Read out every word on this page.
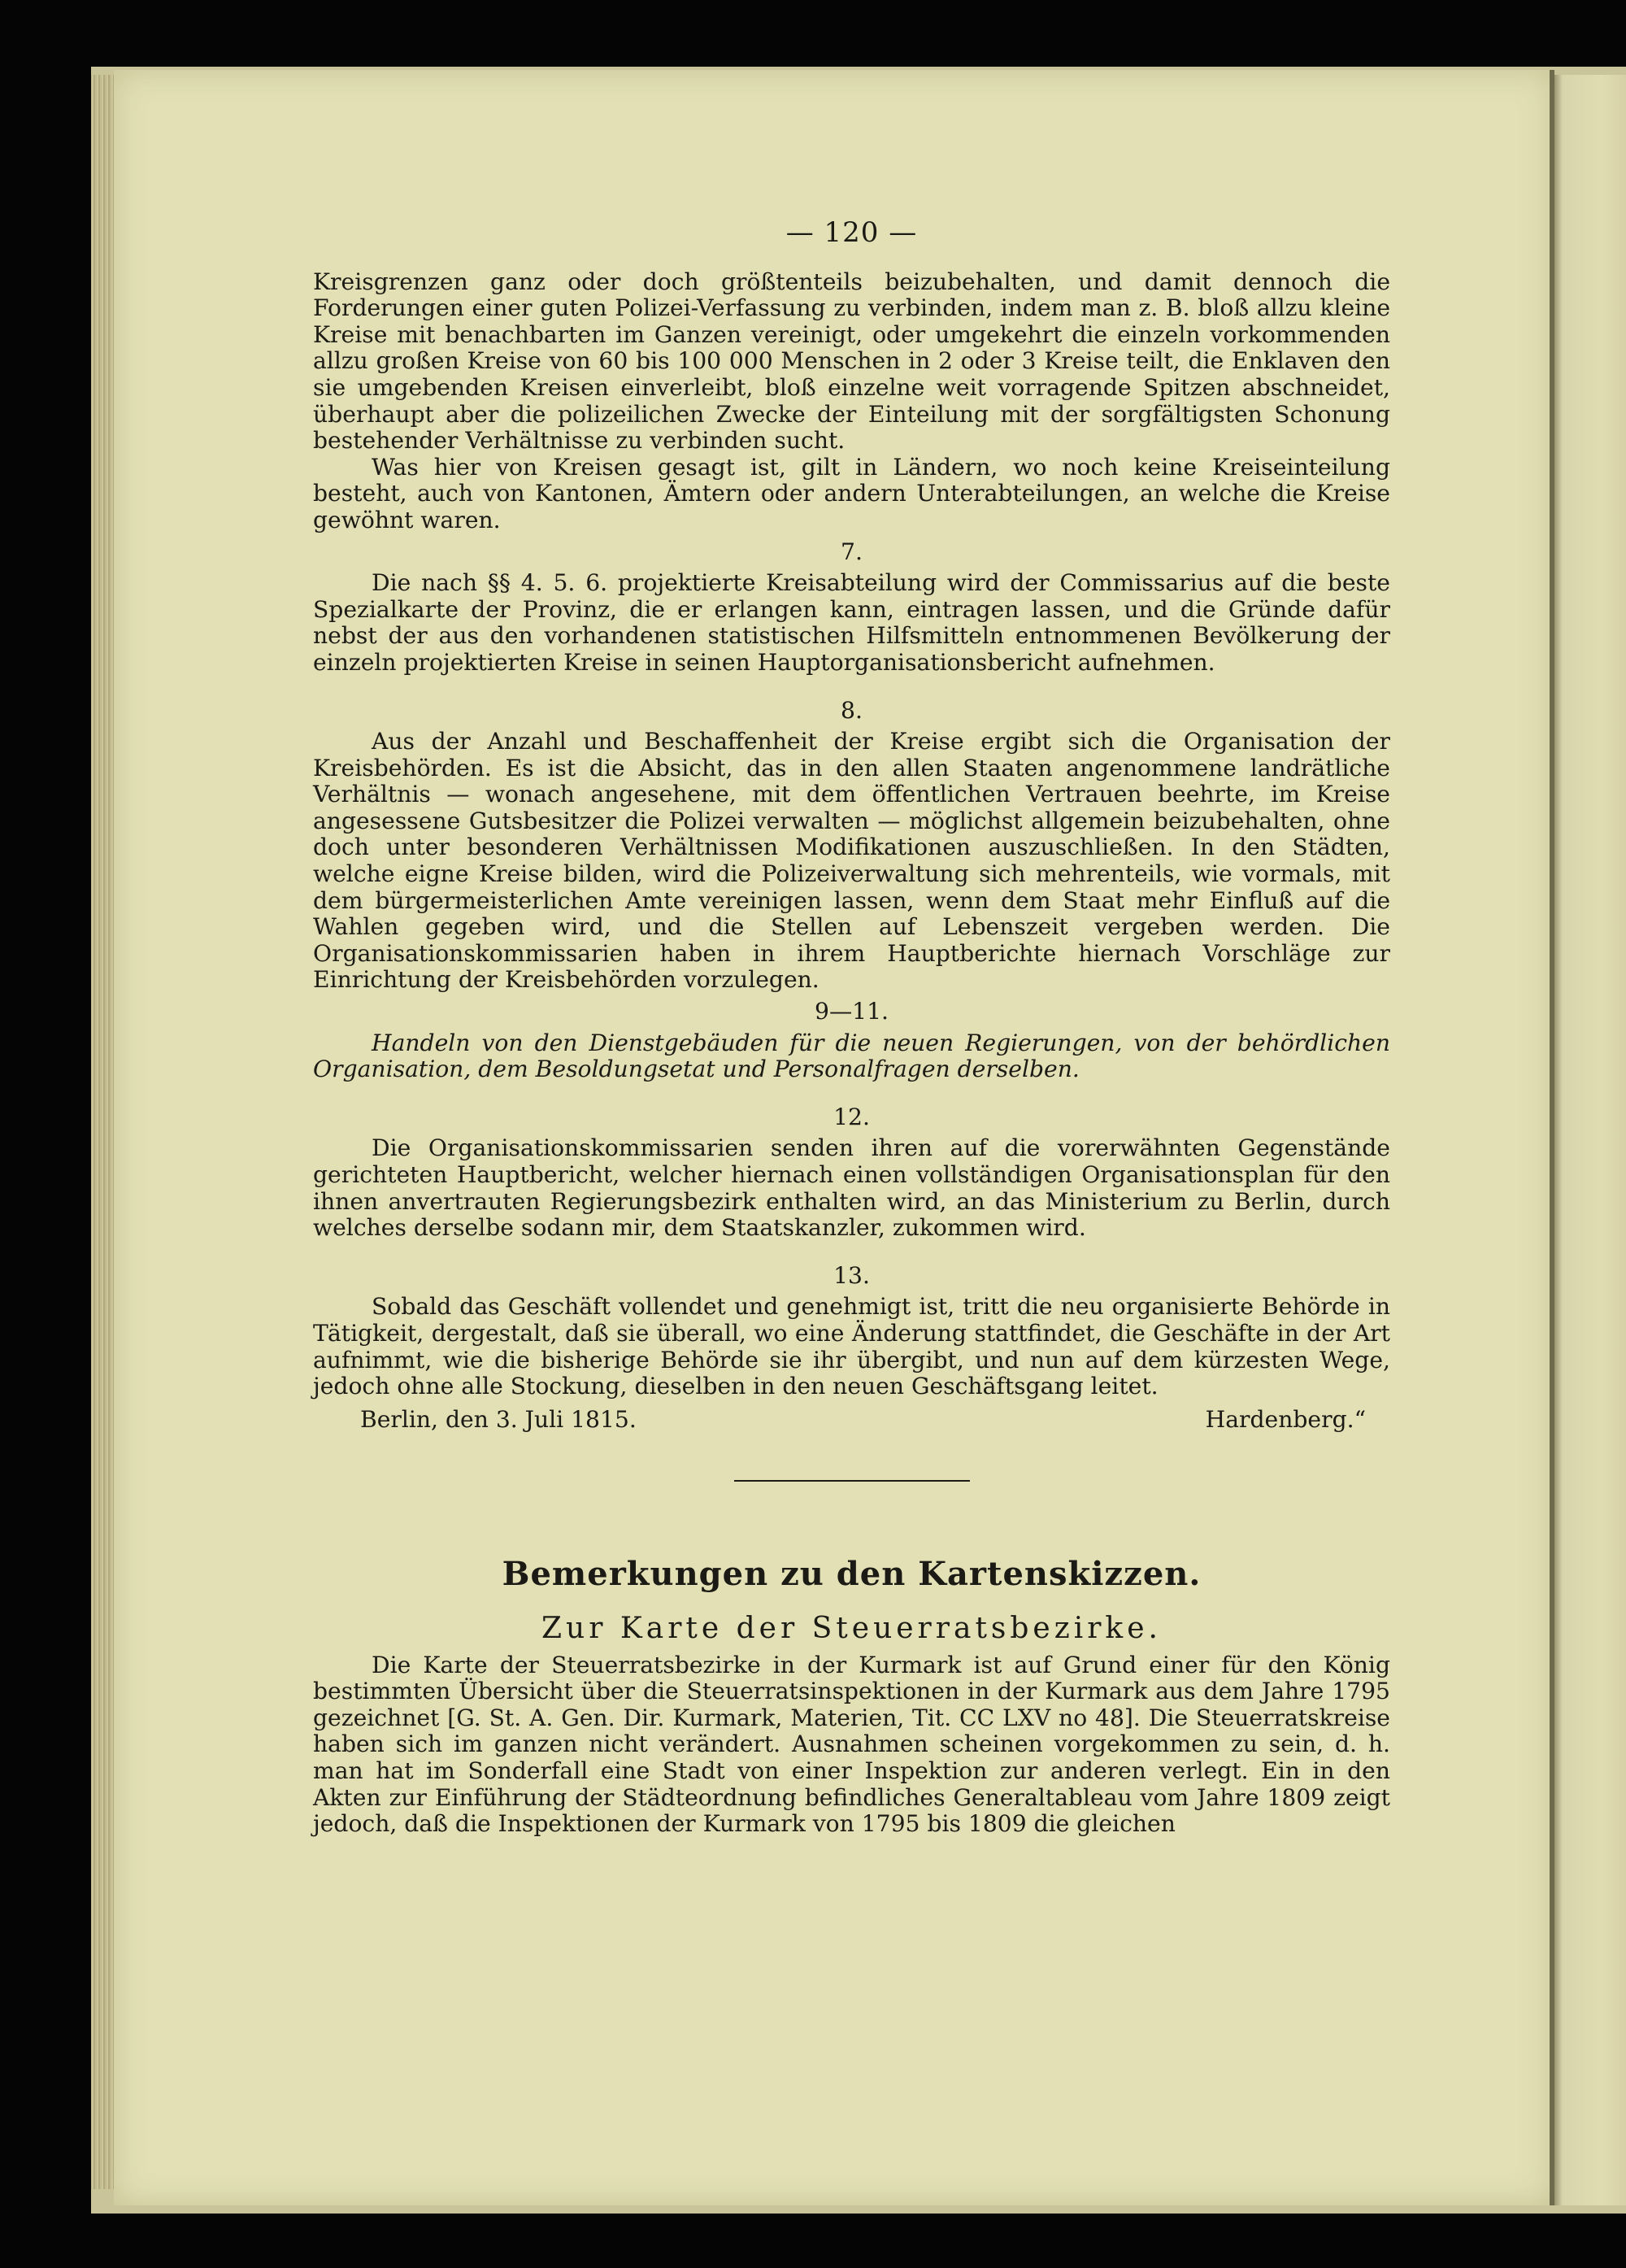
— 120 —

Kreisgrenzen ganz oder doch größtenteils beizubehalten, und damit dennoch die Forderungen einer guten Polizei-Verfassung zu verbinden, indem man z. B. bloß allzu kleine Kreise mit benachbarten im Ganzen vereinigt, oder umgekehrt die einzeln vorkommenden allzu großen Kreise von 60 bis 100 000 Menschen in 2 oder 3 Kreise teilt, die Enklaven den sie umgebenden Kreisen einverleibt, bloß einzelne weit vorragende Spitzen abschneidet, überhaupt aber die polizeilichen Zwecke der Einteilung mit der sorgfältigsten Schonung bestehender Verhältnisse zu verbinden sucht.

Was hier von Kreisen gesagt ist, gilt in Ländern, wo noch keine Kreiseinteilung besteht, auch von Kantonen, Ämtern oder andern Unterabteilungen, an welche die Kreise gewöhnt waren.

7.

Die nach §§ 4. 5. 6. projektierte Kreisabteilung wird der Commissarius auf die beste Spezialkarte der Provinz, die er erlangen kann, eintragen lassen, und die Gründe dafür nebst der aus den vorhandenen statistischen Hilfsmitteln entnommenen Bevölkerung der einzeln projektierten Kreise in seinen Hauptorganisationsbericht aufnehmen.

8.

Aus der Anzahl und Beschaffenheit der Kreise ergibt sich die Organisation der Kreisbehörden. Es ist die Absicht, das in den allen Staaten angenommene landrätliche Verhältnis — wonach angesehene, mit dem öffentlichen Vertrauen beehrte, im Kreise angesessene Gutsbesitzer die Polizei verwalten — möglichst allgemein beizubehalten, ohne doch unter besonderen Verhältnissen Modifikationen auszuschließen. In den Städten, welche eigne Kreise bilden, wird die Polizeiverwaltung sich mehrenteils, wie vormals, mit dem bürgermeisterlichen Amte vereinigen lassen, wenn dem Staat mehr Einfluß auf die Wahlen gegeben wird, und die Stellen auf Lebenszeit vergeben werden. Die Organisationskommissarien haben in ihrem Hauptberichte hiernach Vorschläge zur Einrichtung der Kreisbehörden vorzulegen.

9—11.

Handeln von den Dienstgebäuden für die neuen Regierungen, von der behördlichen Organisation, dem Besoldungsetat und Personalfragen derselben.

12.

Die Organisationskommissarien senden ihren auf die vorerwähnten Gegenstände gerichteten Hauptbericht, welcher hiernach einen vollständigen Organisationsplan für den ihnen anvertrauten Regierungsbezirk enthalten wird, an das Ministerium zu Berlin, durch welches derselbe sodann mir, dem Staatskanzler, zukommen wird.

13.

Sobald das Geschäft vollendet und genehmigt ist, tritt die neu organisierte Behörde in Tätigkeit, dergestalt, daß sie überall, wo eine Änderung stattfindet, die Geschäfte in der Art aufnimmt, wie die bisherige Behörde sie ihr übergibt, und nun auf dem kürzesten Wege, jedoch ohne alle Stockung, dieselben in den neuen Geschäftsgang leitet.

Berlin, den 3. Juli 1815.	Hardenberg.“
Bemerkungen zu den Kartenskizzen.
Zur Karte der Steuerratsbezirke.

Die Karte der Steuerratsbezirke in der Kurmark ist auf Grund einer für den König bestimmten Übersicht über die Steuerratsinspektionen in der Kurmark aus dem Jahre 1795 gezeichnet [G. St. A. Gen. Dir. Kurmark, Materien, Tit. CC LXV no 48]. Die Steuerratskreise haben sich im ganzen nicht verändert. Ausnahmen scheinen vorgekommen zu sein, d. h. man hat im Sonderfall eine Stadt von einer Inspektion zur anderen verlegt. Ein in den Akten zur Einführung der Städteordnung befindliches Generaltableau vom Jahre 1809 zeigt jedoch, daß die Inspektionen der Kurmark von 1795 bis 1809 die gleichen
